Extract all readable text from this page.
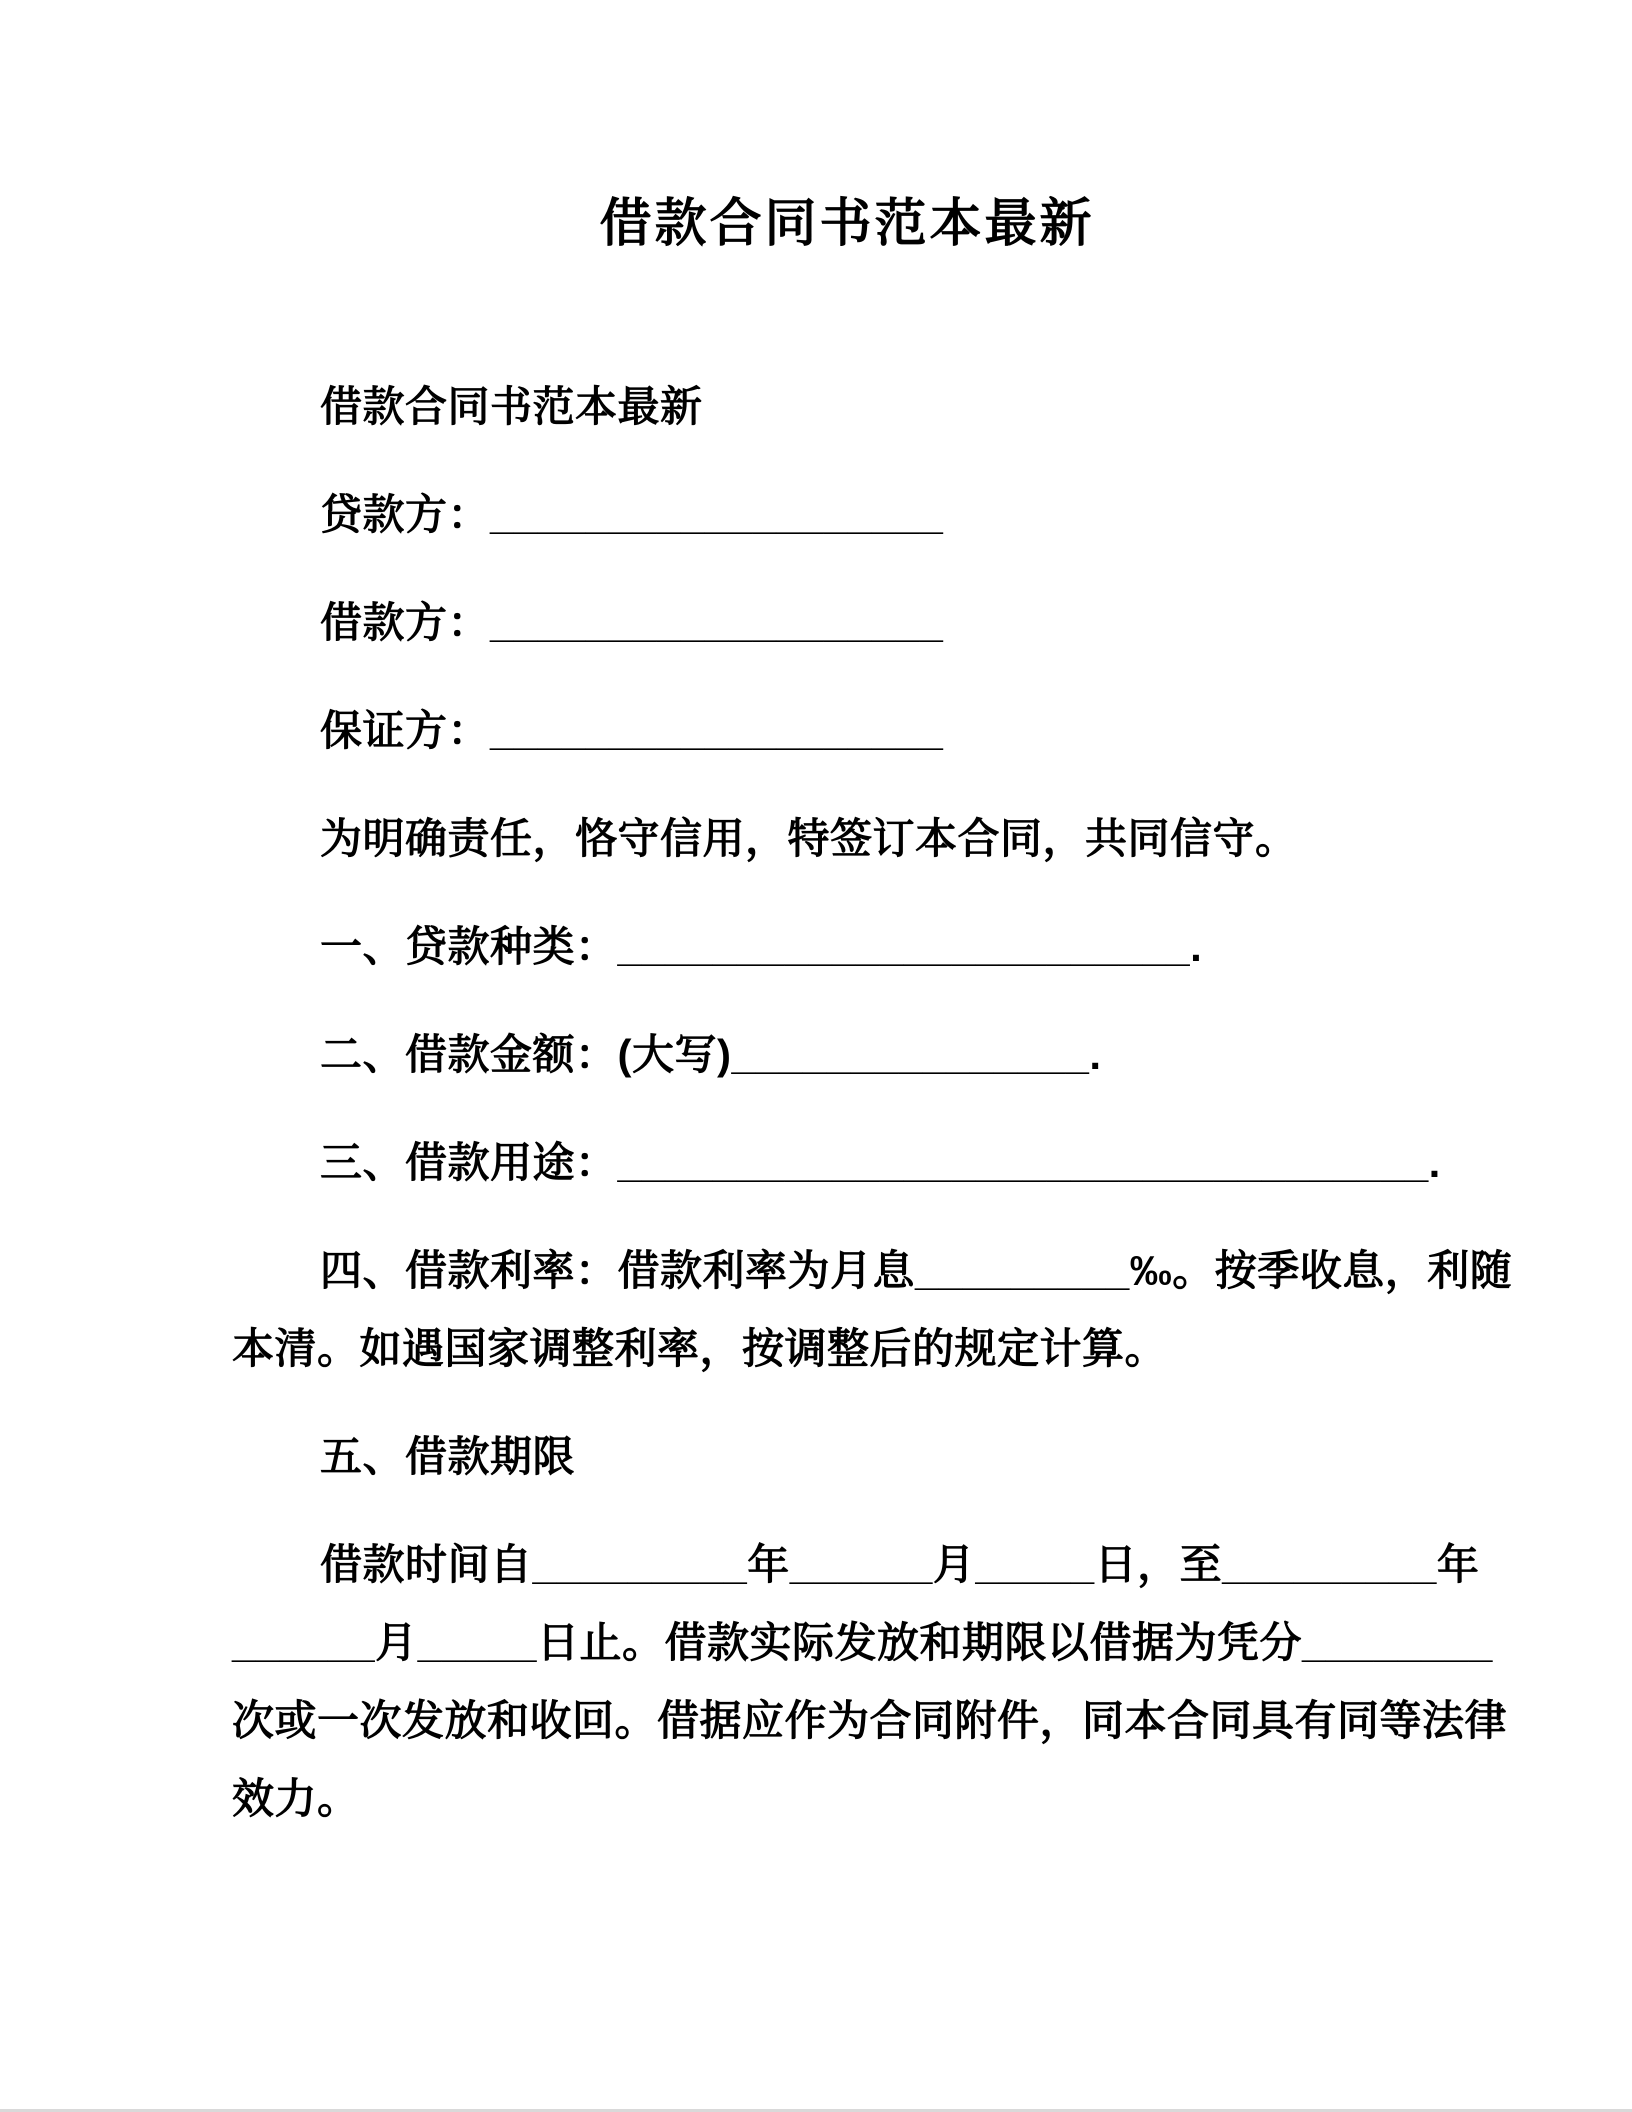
借款合同书范本最新

借款合同书范本最新

贷款方：___________________

借款方：___________________

保证方：___________________

为明确责任，恪守信用，特签订本合同，共同信守。

一、贷款种类：________________________.

二、借款金额：(大写)_______________.

三、借款用途：__________________________________.

四、借款利率：借款利率为月息_________‰。按季收息，利随
本清。如遇国家调整利率，按调整后的规定计算。

五、借款期限

借款时间自_________年______月_____日，至_________年
______月_____日止。借款实际发放和期限以借据为凭分________
次或一次发放和收回。借据应作为合同附件，同本合同具有同等法律
效力。
